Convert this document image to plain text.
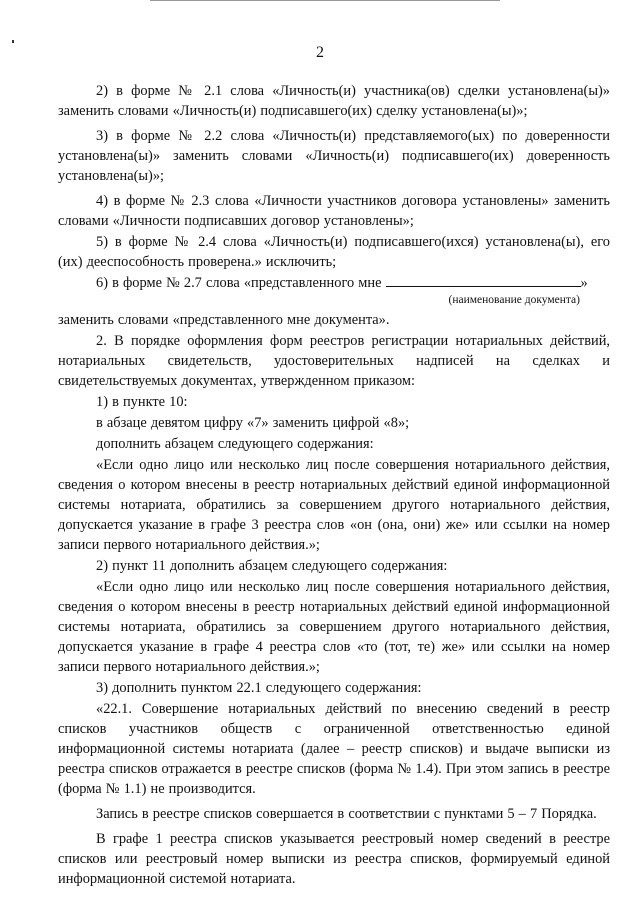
2

2) в форме № 2.1 слова «Личность(и) участника(ов) сделки установлена(ы)» заменить словами «Личность(и) подписавшего(их) сделку установлена(ы)»;

3) в форме № 2.2 слова «Личность(и) представляемого(ых) по доверенности установлена(ы)» заменить словами «Личность(и) подписавшего(их) доверенность установлена(ы)»;

4) в форме № 2.3 слова «Личности участников договора установлены» заменить словами «Личности подписавших договор установлены»;

5) в форме № 2.4 слова «Личность(и) подписавшего(ихся) установлена(ы), его (их) дееспособность проверена.» исключить;

6) в форме № 2.7 слова «представленного мне	»

(наименование документа)

заменить словами «представленного мне документа».

2. В порядке оформления форм реестров регистрации нотариальных действий, нотариальных свидетельств, удостоверительных надписей на сделках и свидетельствуемых документах, утвержденном приказом:

1) в пункте 10:

в абзаце девятом цифру «7» заменить цифрой «8»;

дополнить абзацем следующего содержания:

«Если одно лицо или несколько лиц после совершения нотариального действия, сведения о котором внесены в реестр нотариальных действий единой информационной системы нотариата, обратились за совершением другого нотариального действия, допускается указание в графе 3 реестра слов «он (она, они) же» или ссылки на номер записи первого нотариального действия.»;

2) пункт 11 дополнить абзацем следующего содержания:

«Если одно лицо или несколько лиц после совершения нотариального действия, сведения о котором внесены в реестр нотариальных действий единой информационной системы нотариата, обратились за совершением другого нотариального действия, допускается указание в графе 4 реестра слов «то (тот, те) же» или ссылки на номер записи первого нотариального действия.»;

3) дополнить пунктом 22.1 следующего содержания:

«22.1. Совершение нотариальных действий по внесению сведений в реестр списков участников обществ с ограниченной ответственностью единой информационной системы нотариата (далее – реестр списков) и выдаче выписки из реестра списков отражается в реестре списков (форма № 1.4). При этом запись в реестре (форма № 1.1) не производится.

Запись в реестре списков совершается в соответствии с пунктами 5 – 7 Порядка.

В графе 1 реестра списков указывается реестровый номер сведений в реестре списков или реестровый номер выписки из реестра списков, формируемый единой информационной системой нотариата.
